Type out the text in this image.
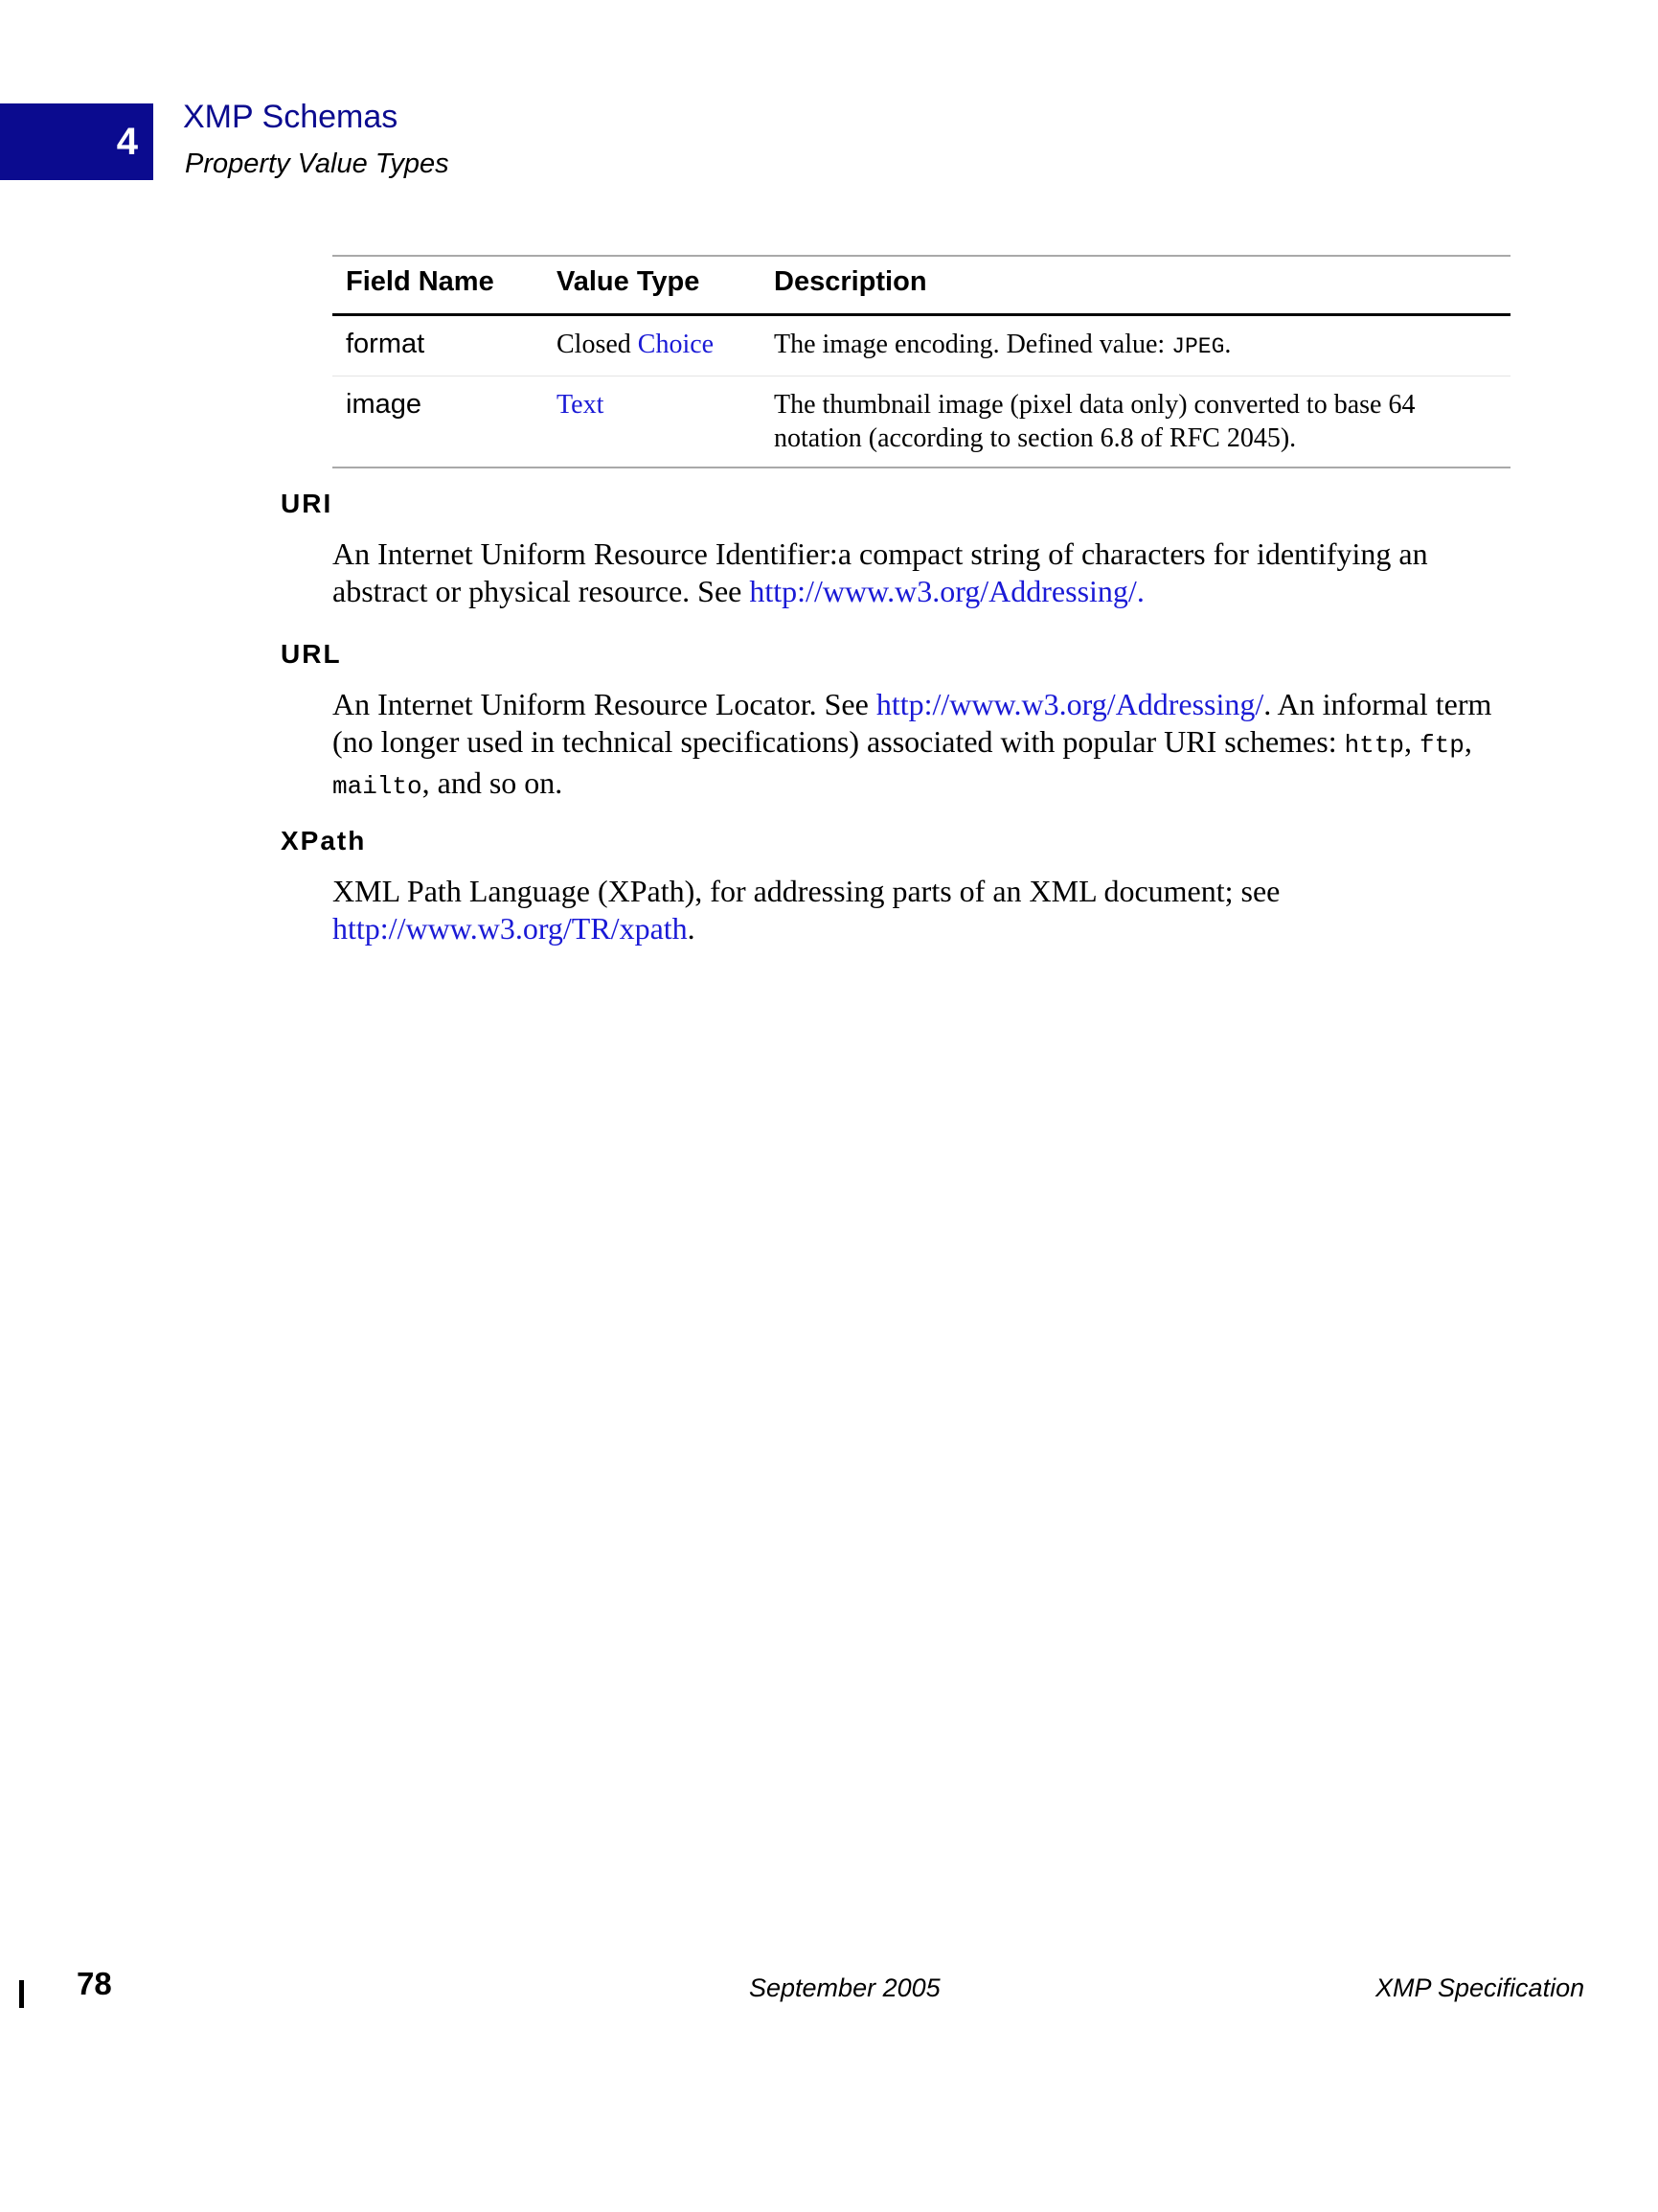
4
XMP Schemas
Property Value Types
Field Name	Value Type	Description
format	Closed Choice	The image encoding. Defined value: JPEG.
image	Text	The thumbnail image (pixel data only) converted to base 64 notation (according to section 6.8 of RFC 2045).
URI

An Internet Uniform Resource Identifier:a compact string of characters for identifying an abstract or physical resource. See http://www.w3.org/Addressing/.

URL

An Internet Uniform Resource Locator. See http://www.w3.org/Addressing/. An informal term (no longer used in technical specifications) associated with popular URI schemes: http, ftp, mailto, and so on.

XPath

XML Path Language (XPath), for addressing parts of an XML document; see http://www.w3.org/TR/xpath.

78	September 2005	XMP Specification
